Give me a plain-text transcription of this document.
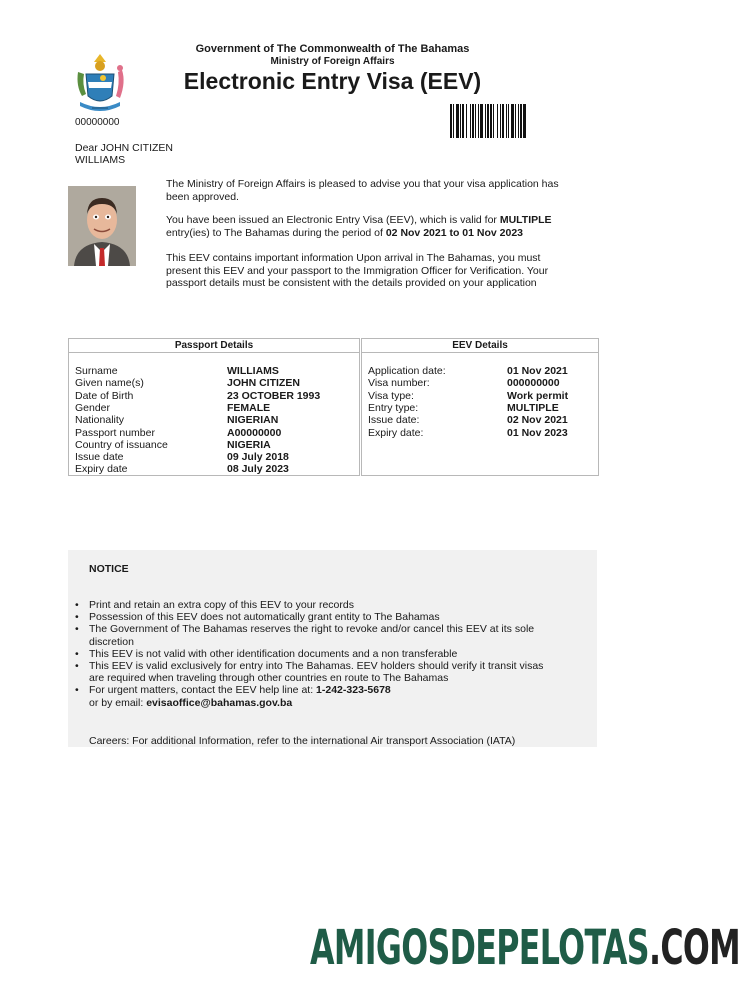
Government of The Commonwealth of The Bahamas
Ministry of Foreign Affairs
Electronic Entry Visa (EEV)
00000000
Dear JOHN CITIZEN
WILLIAMS
The Ministry of Foreign Affairs is pleased to advise you that your visa application has been approved.
You have been issued an Electronic Entry Visa (EEV), which is valid for MULTIPLE entry(ies) to The Bahamas during the period of 02 Nov 2021 to 01 Nov 2023
This EEV contains important information Upon arrival in The Bahamas, you must present this EEV and your passport to the Immigration Officer for Verification. Your passport details must be consistent with the details provided on your application
Passport Details
Surname	WILLIAMS
Given name(s)	JOHN CITIZEN
Date of Birth	23 OCTOBER 1993
Gender	FEMALE
Nationality	NIGERIAN
Passport number	A00000000
Country of issuance	NIGERIA
Issue date	09 July 2018
Expiry date	08 July 2023
EEV Details
Application date:	01 Nov 2021
Visa number:	000000000
Visa type:	Work permit
Entry type:	MULTIPLE
Issue date:	02 Nov 2021
Expiry date:	01 Nov 2023
NOTICE
• Print and retain an extra copy of this EEV to your records
• Possession of this EEV does not automatically grant entity to The Bahamas
• The Government of The Bahamas reserves the right to revoke and/or cancel this EEV at its sole discretion
• This EEV is not valid with other identification documents and a non transferable
• This EEV is valid exclusively for entry into The Bahamas. EEV holders should verify it transit visas are required when traveling through other countries en route to The Bahamas
• For urgent matters, contact the EEV help line at: 1-242-323-5678
or by email: evisaoffice@bahamas.gov.ba
Careers: For additional Information, refer to the international Air transport Association (IATA)
AMIGOSDEPELOTAS.COM
